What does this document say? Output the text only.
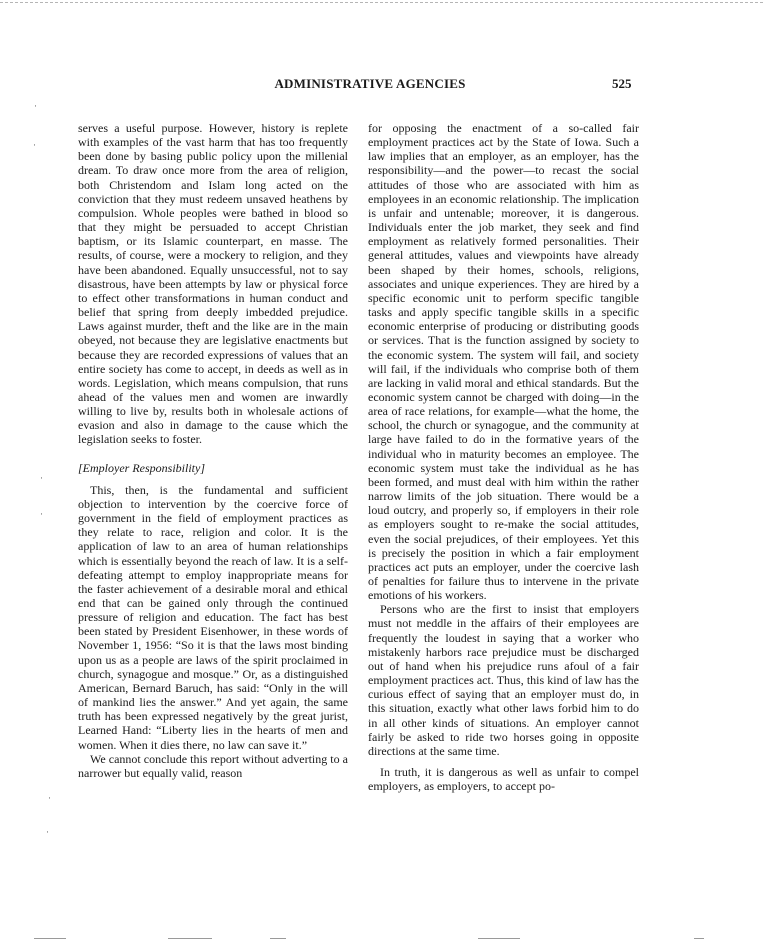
ADMINISTRATIVE AGENCIES	525

serves a useful purpose. However, history is replete with examples of the vast harm that has too frequently been done by basing public policy upon the millenial dream. To draw once more from the area of religion, both Christendom and Islam long acted on the conviction that they must redeem unsaved heathens by compulsion. Whole peoples were bathed in blood so that they might be persuaded to accept Christian baptism, or its Islamic counterpart, en masse. The results, of course, were a mockery to religion, and they have been abandoned. Equally unsuccessful, not to say disastrous, have been attempts by law or physical force to effect other transformations in human conduct and belief that spring from deeply imbedded prejudice. Laws against murder, theft and the like are in the main obeyed, not because they are legislative enactments but because they are recorded expressions of values that an entire society has come to accept, in deeds as well as in words. Legislation, which means compulsion, that runs ahead of the values men and women are inwardly willing to live by, results both in wholesale actions of evasion and also in damage to the cause which the legislation seeks to foster.

[Employer Responsibility]

This, then, is the fundamental and sufficient objection to intervention by the coercive force of government in the field of employment practices as they relate to race, religion and color. It is the application of law to an area of human relationships which is essentially beyond the reach of law. It is a self-defeating attempt to employ inappropriate means for the faster achievement of a desirable moral and ethical end that can be gained only through the continued pressure of religion and education. The fact has best been stated by President Eisenhower, in these words of November 1, 1956: “So it is that the laws most binding upon us as a people are laws of the spirit proclaimed in church, synagogue and mosque.” Or, as a distinguished American, Bernard Baruch, has said: “Only in the will of mankind lies the answer.” And yet again, the same truth has been expressed negatively by the great jurist, Learned Hand: “Liberty lies in the hearts of men and women. When it dies there, no law can save it.”

We cannot conclude this report without adverting to a narrower but equally valid, reason

for opposing the enactment of a so-called fair employment practices act by the State of Iowa. Such a law implies that an employer, as an employer, has the responsibility—and the power—to recast the social attitudes of those who are associated with him as employees in an economic relationship. The implication is unfair and untenable; moreover, it is dangerous. Individuals enter the job market, they seek and find employment as relatively formed personalities. Their general attitudes, values and viewpoints have already been shaped by their homes, schools, religions, associates and unique experiences. They are hired by a specific economic unit to perform specific tangible tasks and apply specific tangible skills in a specific economic enterprise of producing or distributing goods or services. That is the function assigned by society to the economic system. The system will fail, and society will fail, if the individuals who comprise both of them are lacking in valid moral and ethical standards. But the economic system cannot be charged with doing—in the area of race relations, for example—what the home, the school, the church or synagogue, and the community at large have failed to do in the formative years of the individual who in maturity becomes an employee. The economic system must take the individual as he has been formed, and must deal with him within the rather narrow limits of the job situation. There would be a loud outcry, and properly so, if employers in their role as employers sought to re-make the social attitudes, even the social prejudices, of their employees. Yet this is precisely the position in which a fair employment practices act puts an employer, under the coercive lash of penalties for failure thus to intervene in the private emotions of his workers.

Persons who are the first to insist that employers must not meddle in the affairs of their employees are frequently the loudest in saying that a worker who mistakenly harbors race prejudice must be discharged out of hand when his prejudice runs afoul of a fair employment practices act. Thus, this kind of law has the curious effect of saying that an employer must do, in this situation, exactly what other laws forbid him to do in all other kinds of situations. An employer cannot fairly be asked to ride two horses going in opposite directions at the same time.

In truth, it is dangerous as well as unfair to compel employers, as employers, to accept po-

·
·
·
·
·
·
